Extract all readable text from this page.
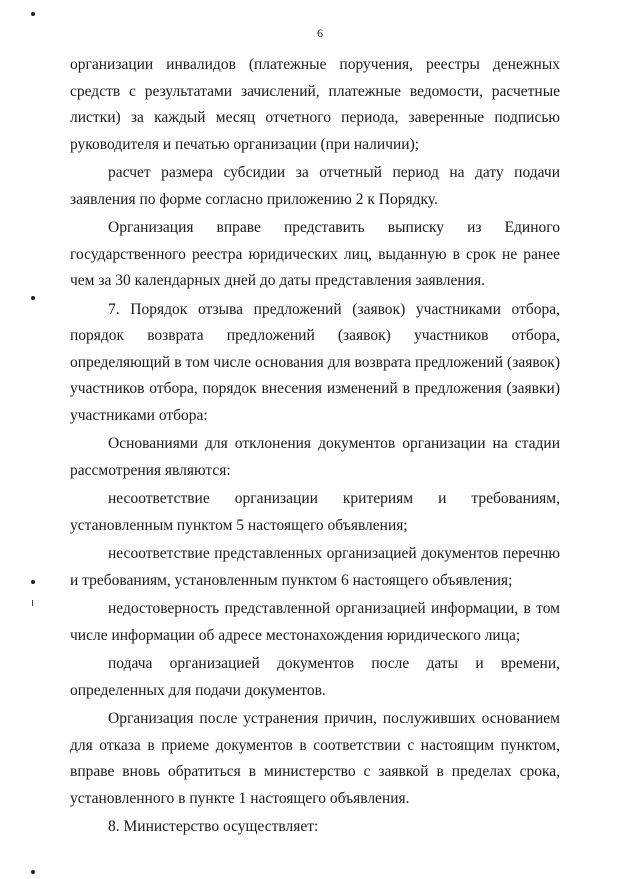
6

организации инвалидов (платежные поручения, реестры денежных средств с результатами зачислений, платежные ведомости, расчетные листки) за каждый месяц отчетного периода, заверенные подписью руководителя и печатью организации (при наличии);

расчет размера субсидии за отчетный период на дату подачи заявления по форме согласно приложению 2 к Порядку.

Организация вправе представить выписку из Единого государственного реестра юридических лиц, выданную в срок не ранее чем за 30 календарных дней до даты представления заявления.

7. Порядок отзыва предложений (заявок) участниками отбора, порядок возврата предложений (заявок) участников отбора, определяющий в том числе основания для возврата предложений (заявок) участников отбора, порядок внесения изменений в предложения (заявки) участниками отбора:

Основаниями для отклонения документов организации на стадии рассмотрения являются:

несоответствие организации критериям и требованиям, установленным пунктом 5 настоящего объявления;

несоответствие представленных организацией документов перечню и требованиям, установленным пунктом 6 настоящего объявления;

недостоверность представленной организацией информации, в том числе информации об адресе местонахождения юридического лица;

подача организацией документов после даты и времени, определенных для подачи документов.

Организация после устранения причин, послуживших основанием для отказа в приеме документов в соответствии с настоящим пунктом, вправе вновь обратиться в министерство с заявкой в пределах срока, установленного в пункте 1 настоящего объявления.

8. Министерство осуществляет:
